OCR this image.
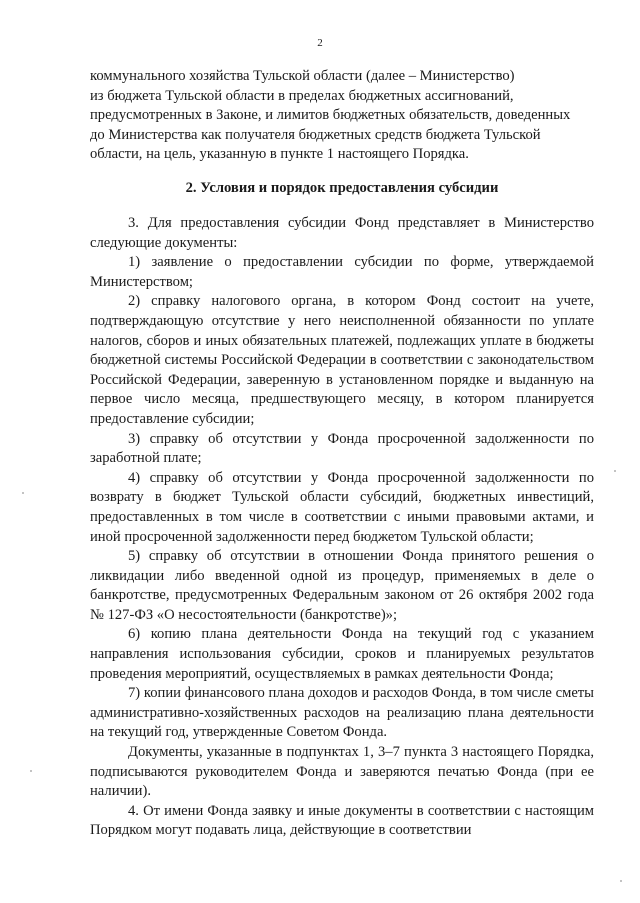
2

коммунального хозяйства Тульской области (далее – Министерство)

из бюджета Тульской области в пределах бюджетных ассигнований,

предусмотренных в Законе, и лимитов бюджетных обязательств, доведенных

до Министерства как получателя бюджетных средств бюджета Тульской

области, на цель, указанную в пункте 1 настоящего Порядка.

2. Условия и порядок предоставления субсидии

3. Для предоставления субсидии Фонд представляет в Министерство следующие документы:

1) заявление о предоставлении субсидии по форме, утверждаемой Министерством;

2) справку налогового органа, в котором Фонд состоит на учете, подтверждающую отсутствие у него неисполненной обязанности по уплате налогов, сборов и иных обязательных платежей, подлежащих уплате в бюджеты бюджетной системы Российской Федерации в соответствии с законодательством Российской Федерации, заверенную в установленном порядке и выданную на первое число месяца, предшествующего месяцу, в котором планируется предоставление субсидии;

3) справку об отсутствии у Фонда просроченной задолженности по заработной плате;

4) справку об отсутствии у Фонда просроченной задолженности по возврату в бюджет Тульской области субсидий, бюджетных инвестиций, предоставленных в том числе в соответствии с иными правовыми актами, и иной просроченной задолженности перед бюджетом Тульской области;

5) справку об отсутствии в отношении Фонда принятого решения о ликвидации либо введенной одной из процедур, применяемых в деле о банкротстве, предусмотренных Федеральным законом от 26 октября 2002 года № 127-ФЗ «О несостоятельности (банкротстве)»;

6) копию плана деятельности Фонда на текущий год с указанием направления использования субсидии, сроков и планируемых результатов проведения мероприятий, осуществляемых в рамках деятельности Фонда;

7) копии финансового плана доходов и расходов Фонда, в том числе сметы административно-хозяйственных расходов на реализацию плана деятельности на текущий год, утвержденные Советом Фонда.

Документы, указанные в подпунктах 1, 3–7 пункта 3 настоящего Порядка, подписываются руководителем Фонда и заверяются печатью Фонда (при ее наличии).

4. От имени Фонда заявку и иные документы в соответствии с настоящим Порядком могут подавать лица, действующие в соответствии
